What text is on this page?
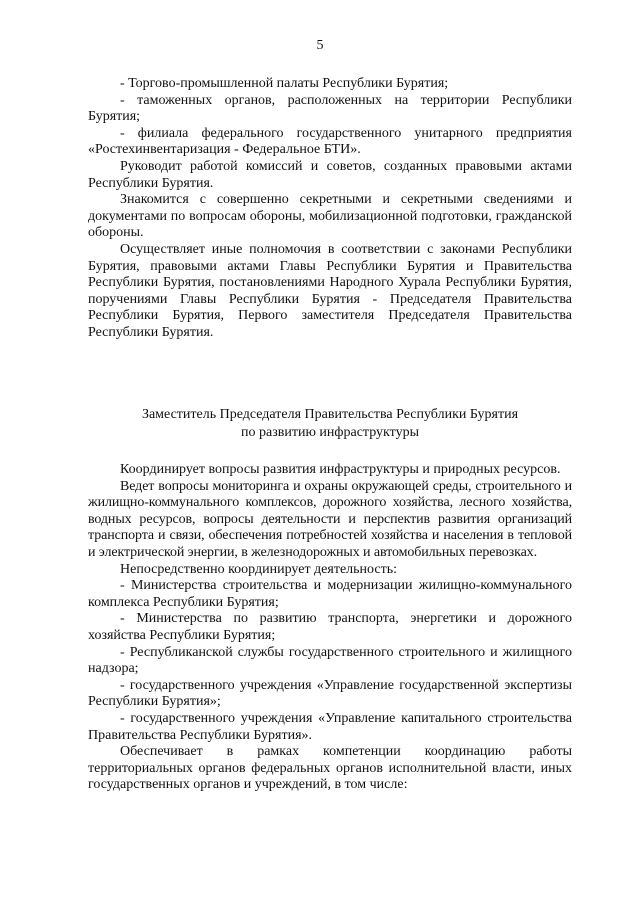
5

- Торгово-промышленной палаты Республики Бурятия;

- таможенных органов, расположенных на территории Республики Бурятия;

- филиала федерального государственного унитарного предприятия «Ростехинвентаризация - Федеральное БТИ».

Руководит работой комиссий и советов, созданных правовыми актами Республики Бурятия.

Знакомится с совершенно секретными и секретными сведениями и документами по вопросам обороны, мобилизационной подготовки, гражданской обороны.

Осуществляет иные полномочия в соответствии с законами Республики Бурятия, правовыми актами Главы Республики Бурятия и Правительства Республики Бурятия, постановлениями Народного Хурала Республики Бурятия, поручениями Главы Республики Бурятия - Председателя Правительства Республики Бурятия, Первого заместителя Председателя Правительства Республики Бурятия.

Заместитель Председателя Правительства Республики Бурятия
по развитию инфраструктуры

Координирует вопросы развития инфраструктуры и природных ресурсов.

Ведет вопросы мониторинга и охраны окружающей среды, строительного и жилищно-коммунального комплексов, дорожного хозяйства, лесного хозяйства, водных ресурсов, вопросы деятельности и перспектив развития организаций транспорта и связи, обеспечения потребностей хозяйства и населения в тепловой и электрической энергии, в железнодорожных и автомобильных перевозках.

Непосредственно координирует деятельность:

- Министерства строительства и модернизации жилищно-коммунального комплекса Республики Бурятия;

- Министерства по развитию транспорта, энергетики и дорожного хозяйства Республики Бурятия;

- Республиканской службы государственного строительного и жилищного надзора;

- государственного учреждения «Управление государственной экспертизы Республики Бурятия»;

- государственного учреждения «Управление капитального строительства Правительства Республики Бурятия».

Обеспечивает в рамках компетенции координацию работы территориальных органов федеральных органов исполнительной власти, иных государственных органов и учреждений, в том числе:
